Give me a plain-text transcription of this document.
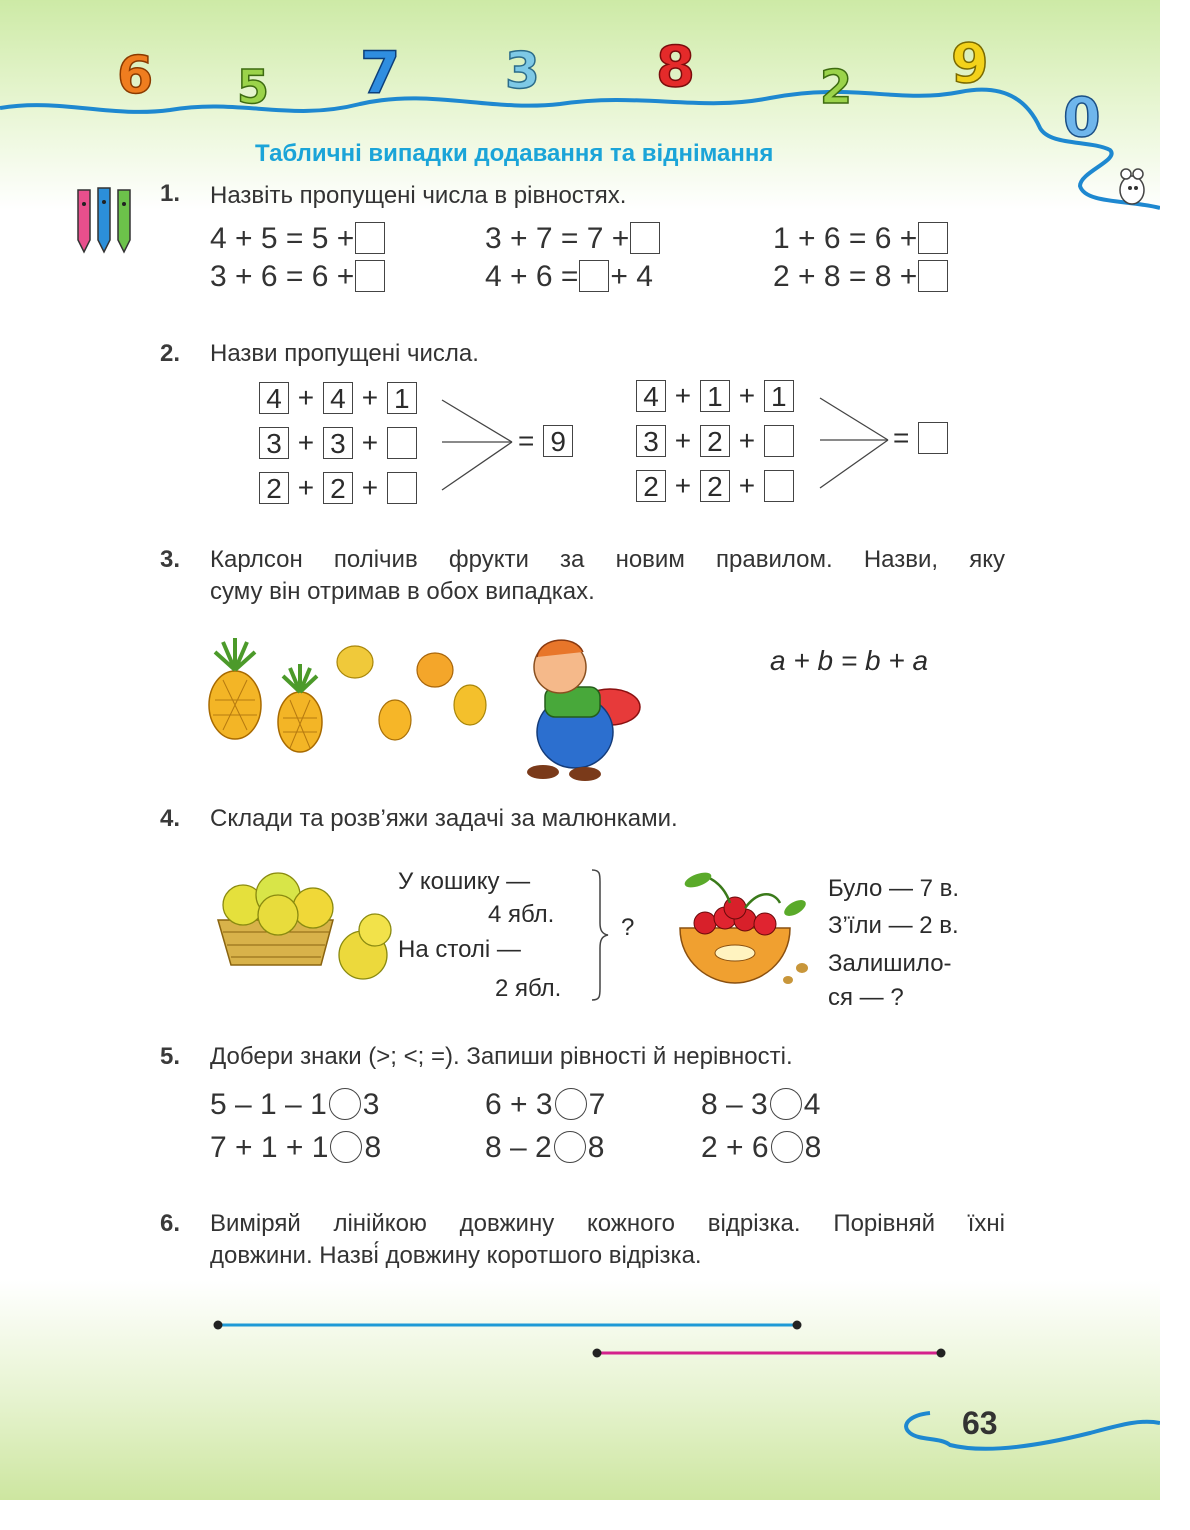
6 5 7 3 8	2 9
0
Табличні випадки додавання та віднімання
1. Назвіть пропущені числа в рівностях.
4 + 5 = 5 +	3 + 7 = 7 +	1 + 6 = 6 +
3 + 6 = 6 +	4 + 6 = + 4	2 + 8 = 8 +
2. Назви пропущені числа.
4 + 4 + 1
3 + 3 +
2 + 2 +
= 9
4 + 1 + 1
3 + 2 +
2 + 2 +
=
3. Карлсон полічив фрукти за новим правилом. Назви, яку
суму він отримав в обох випадках.
a + b = b + a
4. Склади та розв’яжи задачі за малюнками.
У кошику —
4 ябл.
На столі —
2 ябл.
?
Було — 7 в.
З’їли — 2 в.
Залишило-
ся — ?
5. Добери знаки (>; <; =). Запиши рівності й нерівності.
5 – 1 – 1 3	6 + 3 7	8 – 3 4
7 + 1 + 1 8	8 – 2 8	2 + 6 8
6. Виміряй лінійкою довжину кожного відрізка. Порівняй їхні
довжини. Назві́ довжину коротшого відрізка.
63
